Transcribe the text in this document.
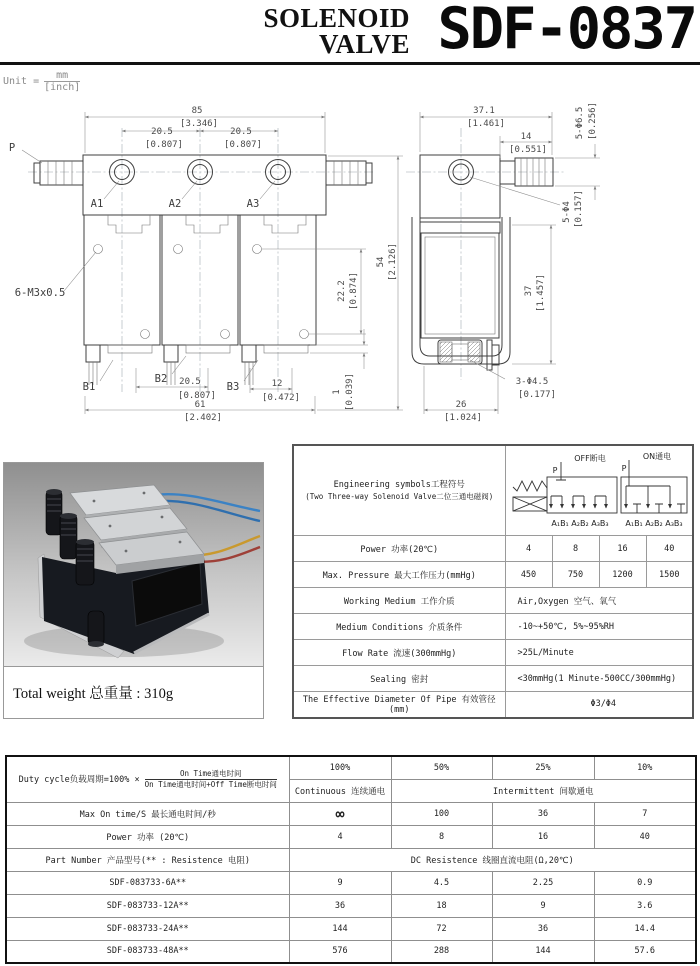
SOLENOID
VALVE SDF-0837
Unit =
mm
[inch]
85
[3.346]
20.5
[0.807]
20.5
[0.807]
P
A1	A2	A3
6-M3x0.5
B1
B2
B3
20.5
[0.807]
12
[0.472]
61
[2.402]
22.2 [0.874]
54 [2.126]
1 [0.039]
37.1
[1.461]
14
[0.551]
5-Φ6.5 [0.256]
5-Φ4 [0.157]
37 [1.457]
3-Φ4.5
[0.177]
26
[1.024]
Total weight 总重量 : 310g
Engineering symbols工程符号
(Two Three-way Solenoid Valve二位三通电磁阀)

P
OFF断电
P
ON通电
A₁B₁ A₂B₂ A₃B₃ A₁B₁ A₂B₂ A₃B₃

Power 功率(20℃)	4	8	16	40
Max. Pressure 最大工作压力(mmHg)	450	750	1200	1500
Working Medium 工作介质	Air,Oxygen 空气、氧气			
Medium Conditions 介质条件	-10~+50℃, 5%~95%RH			
Flow Rate 流速(300mmHg)	>25L/Minute			
Sealing 密封	<30mmHg(1 Minute-500CC/300mmHg)			
The Effective Diameter Of Pipe 有效管径(mm)	Φ3/Φ4			
Duty cycle负载周期$=100\% \times \frac{\text{On Time通电时间}}{\text{On Time通电时间+Off Time断电时间}}$	100%	50%	25%	10%
	Continuous 连续通电	Intermittent 间歇通电		
Max On time/S 最长通电时间/秒	∞	100	36	7
Power 功率 (20℃)	4	8	16	40
Part Number 产品型号(** : Resistence 电阻)	DC Resistence 线圈直流电阻(Ω,20℃)			
SDF-083733-6A**	9	4.5	2.25	0.9
SDF-083733-12A**	36	18	9	3.6
SDF-083733-24A**	144	72	36	14.4
SDF-083733-48A**	576	288	144	57.6
